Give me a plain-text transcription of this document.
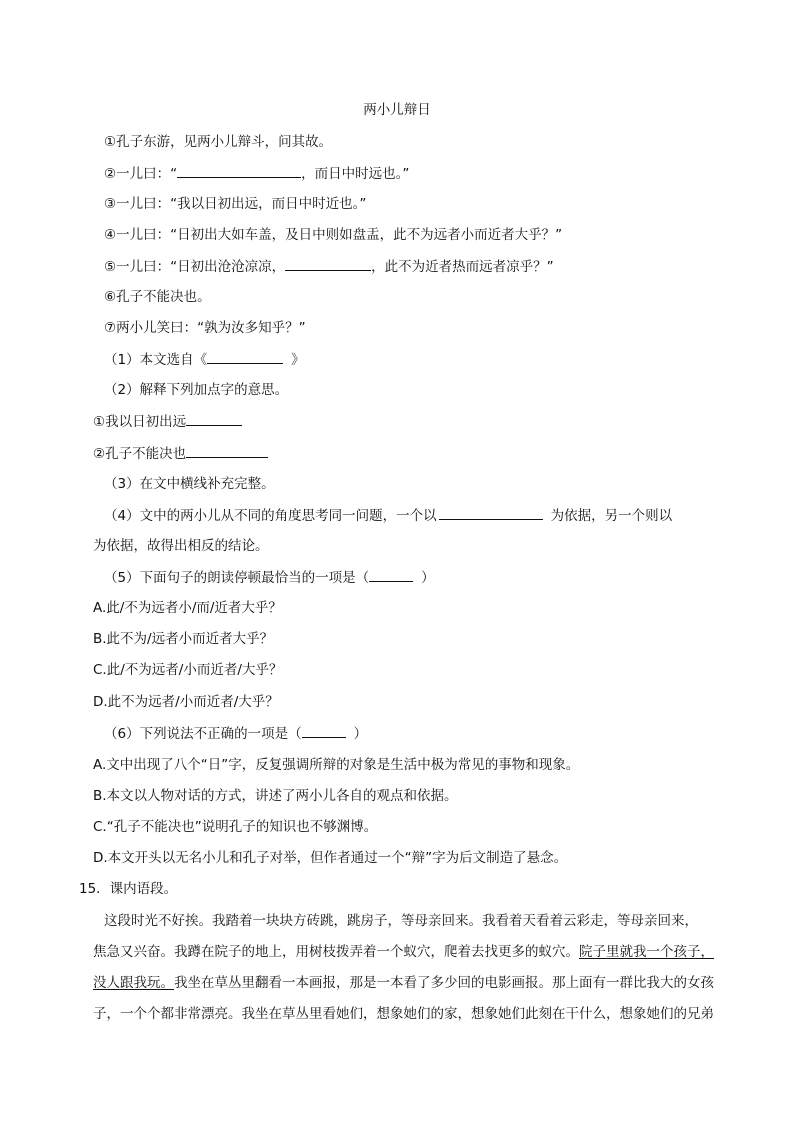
两小儿辩日
①孔子东游，见两小儿辩斗，问其故。
②一儿曰：“	，而日中时远也。”
③一儿曰：“我以日初出远，而日中时近也。”
④一儿曰：“日初出大如车盖，及日中则如盘盂，此不为远者小而近者大乎？”
⑤一儿曰：“日初出沧沧凉凉，	，此不为近者热而远者凉乎？”
⑥孔子不能决也。
⑦两小儿笑曰：“孰为汝多知乎？”
（1）本文选自《	》
（2）解释下列加点字的意思。
①我以日初出远
②孔子不能决也
（3）在文中横线补充完整。
（4）文中的两小儿从不同的角度思考同一问题，一个以	为依据，另一个则以
为依据，故得出相反的结论。
（5）下面句子的朗读停顿最恰当的一项是（	）
A.此/不为远者小/而/近者大乎？
B.此不为/远者小而近者大乎？
C.此/不为远者/小而近者/大乎？
D.此不为远者/小而近者/大乎？
（6）下列说法不正确的一项是（	）
A.文中出现了八个“日”字，反复强调所辩的对象是生活中极为常见的事物和现象。
B.本文以人物对话的方式，讲述了两小儿各自的观点和依据。
C.“孔子不能决也”说明孔子的知识也不够渊博。
D.本文开头以无名小儿和孔子对举，但作者通过一个“辩”字为后文制造了悬念。
15．课内语段。
这段时光不好挨。我踏着一块块方砖跳，跳房子，等母亲回来。我看着天看着云彩走，等母亲回来，
焦急又兴奋。我蹲在院子的地上，用树枝拨弄着一个蚁穴，爬着去找更多的蚁穴。院子里就我一个孩子，
没人跟我玩。我坐在草丛里翻看一本画报，那是一本看了多少回的电影画报。那上面有一群比我大的女孩
子，一个个都非常漂亮。我坐在草丛里看她们，想象她们的家，想象她们此刻在干什么，想象她们的兄弟
